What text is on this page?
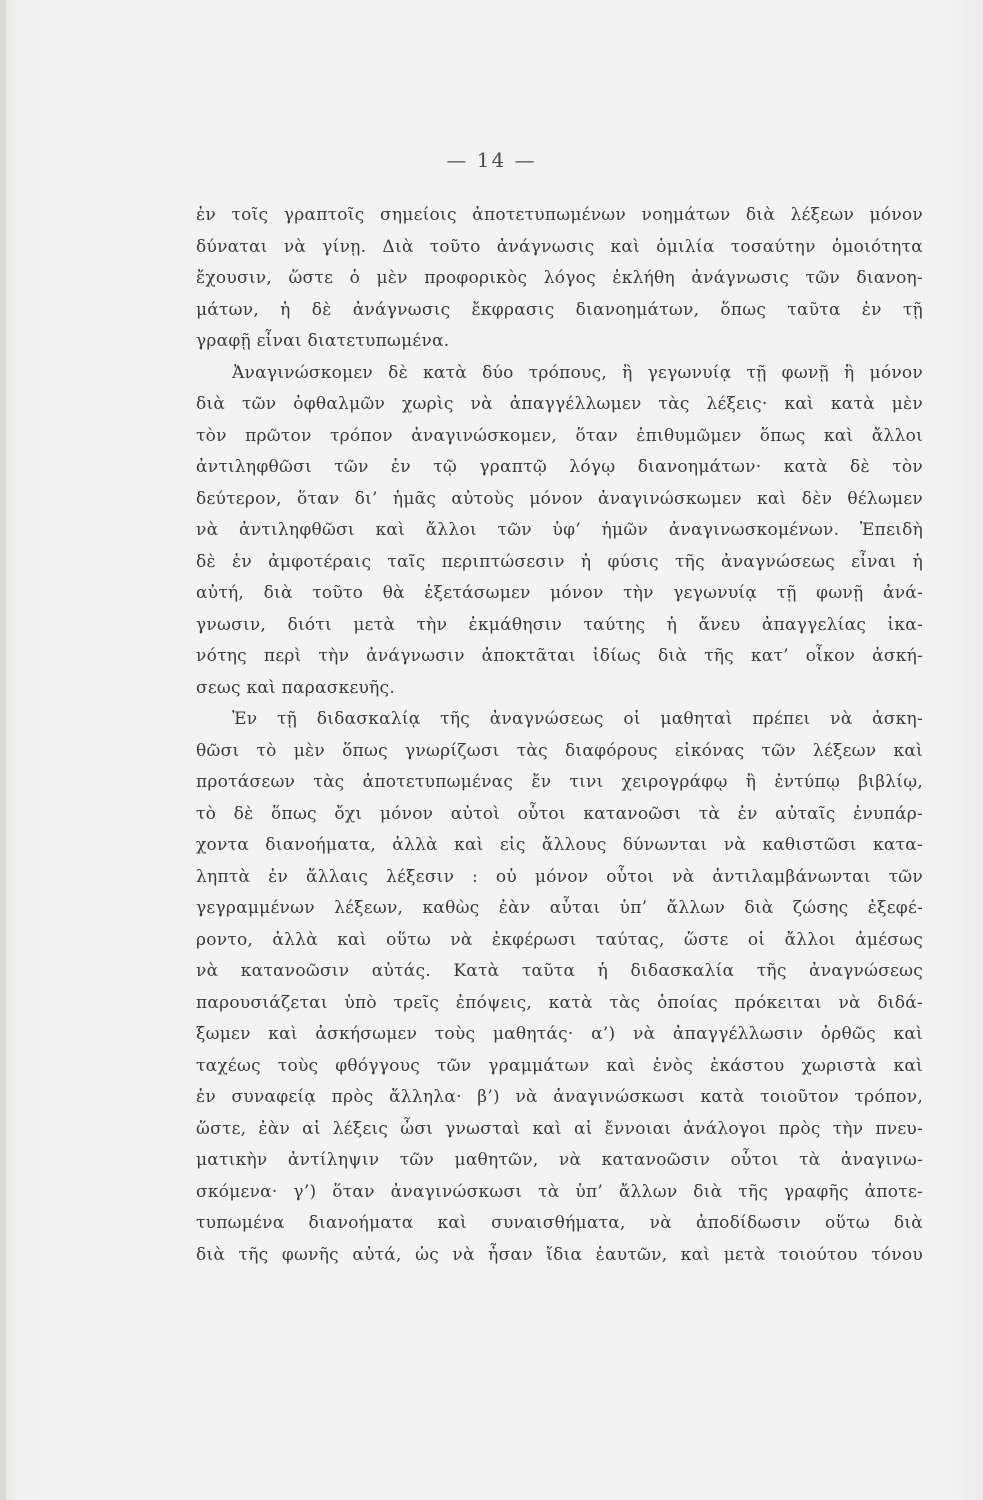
— 14 —
ἐν τοῖς γραπτοῖς σημείοις ἀποτετυπωμένων νοημάτων διὰ λέξεων μόνον
δύναται νὰ γίνῃ. Διὰ τοῦτο ἀνάγνωσις καὶ ὁμιλία τοσαύτην ὁμοιότητα
ἔχουσιν, ὥστε ὁ μὲν προφορικὸς λόγος ἐκλήθη ἀνάγνωσις τῶν διανοη-
μάτων, ἡ δὲ ἀνάγνωσις ἔκφρασις διανοημάτων, ὅπως ταῦτα ἐν τῇ
γραφῇ εἶναι διατετυπωμένα.
Ἀναγινώσκομεν δὲ κατὰ δύο τρόπους, ἢ γεγωνυίᾳ τῇ φωνῇ ἢ μόνον
διὰ τῶν ὀφθαλμῶν χωρὶς νὰ ἀπαγγέλλωμεν τὰς λέξεις· καὶ κατὰ μὲν
τὸν πρῶτον τρόπον ἀναγινώσκομεν, ὅταν ἐπιθυμῶμεν ὅπως καὶ ἄλλοι
ἀντιληφθῶσι τῶν ἐν τῷ γραπτῷ λόγῳ διανοημάτων· κατὰ δὲ τὸν
δεύτερον, ὅταν δι’ ἡμᾶς αὐτοὺς μόνον ἀναγινώσκωμεν καὶ δὲν θέλωμεν
νὰ ἀντιληφθῶσι καὶ ἄλλοι τῶν ὑφ’ ἡμῶν ἀναγινωσκομένων. Ἐπειδὴ
δὲ ἐν ἀμφοτέραις ταῖς περιπτώσεσιν ἡ φύσις τῆς ἀναγνώσεως εἶναι ἡ
αὐτή, διὰ τοῦτο θὰ ἐξετάσωμεν μόνον τὴν γεγωνυίᾳ τῇ φωνῇ ἀνά-
γνωσιν, διότι μετὰ τὴν ἐκμάθησιν ταύτης ἡ ἄνευ ἀπαγγελίας ἱκα-
νότης περὶ τὴν ἀνάγνωσιν ἀποκτᾶται ἰδίως διὰ τῆς κατ’ οἶκον ἀσκή-
σεως καὶ παρασκευῆς.
Ἐν τῇ διδασκαλίᾳ τῆς ἀναγνώσεως οἱ μαθηταὶ πρέπει νὰ ἀσκη-
θῶσι τὸ μὲν ὅπως γνωρίζωσι τὰς διαφόρους εἰκόνας τῶν λέξεων καὶ
προτάσεων τὰς ἀποτετυπωμένας ἔν τινι χειρογράφῳ ἢ ἐντύπῳ βιβλίῳ,
τὸ δὲ ὅπως ὄχι μόνον αὐτοὶ οὗτοι κατανοῶσι τὰ ἐν αὐταῖς ἐνυπάρ-
χοντα διανοήματα, ἀλλὰ καὶ εἰς ἄλλους δύνωνται νὰ καθιστῶσι κατα-
ληπτὰ ἐν ἄλλαις λέξεσιν : οὐ μόνον οὗτοι νὰ ἀντιλαμβάνωνται τῶν
γεγραμμένων λέξεων, καθὼς ἐὰν αὗται ὑπ’ ἄλλων διὰ ζώσης ἐξεφέ-
ροντο, ἀλλὰ καὶ οὕτω νὰ ἐκφέρωσι ταύτας, ὥστε οἱ ἄλλοι ἀμέσως
νὰ κατανοῶσιν αὐτάς. Κατὰ ταῦτα ἡ διδασκαλία τῆς ἀναγνώσεως
παρουσιάζεται ὑπὸ τρεῖς ἐπόψεις, κατὰ τὰς ὁποίας πρόκειται νὰ διδά-
ξωμεν καὶ ἀσκήσωμεν τοὺς μαθητάς· α’) νὰ ἀπαγγέλλωσιν ὀρθῶς καὶ
ταχέως τοὺς φθόγγους τῶν γραμμάτων καὶ ἑνὸς ἑκάστου χωριστὰ καὶ
ἐν συναφείᾳ πρὸς ἄλληλα· β’) νὰ ἀναγινώσκωσι κατὰ τοιοῦτον τρόπον,
ὥστε, ἐὰν αἱ λέξεις ὦσι γνωσταὶ καὶ αἱ ἔννοιαι ἀνάλογοι πρὸς τὴν πνευ-
ματικὴν ἀντίληψιν τῶν μαθητῶν, νὰ κατανοῶσιν οὗτοι τὰ ἀναγινω-
σκόμενα· γ’) ὅταν ἀναγινώσκωσι τὰ ὑπ’ ἄλλων διὰ τῆς γραφῆς ἀποτε-
τυπωμένα διανοήματα καὶ συναισθήματα, νὰ ἀποδίδωσιν οὕτω διὰ
διὰ τῆς φωνῆς αὐτά, ὡς νὰ ἦσαν ἴδια ἑαυτῶν, καὶ μετὰ τοιούτου τόνου
